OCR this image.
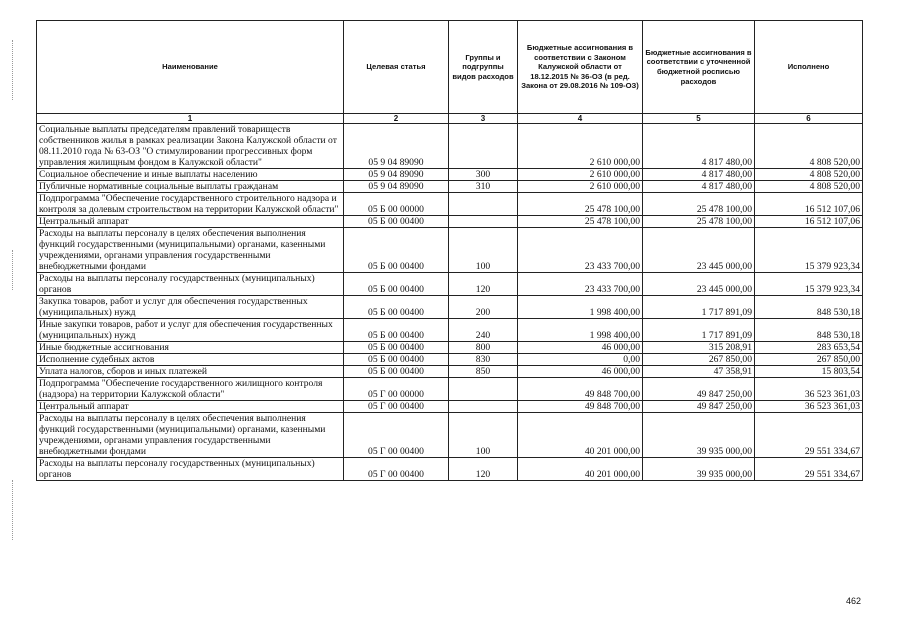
Наименование	Целевая статья	Группы и подгруппы видов расходов	Бюджетные ассигнования в соответствии с Законом Калужской области от 18.12.2015 № 36-ОЗ (в ред. Закона от 29.08.2016 № 109-ОЗ)	Бюджетные ассигнования в соответствии с уточненной бюджетной росписью расходов	Исполнено
1	2	3	4	5	6
Социальные выплаты председателям правлений товариществ собственников жилья в рамках реализации Закона Калужской области от 08.11.2010 года № 63-ОЗ "О стимулировании прогрессивных форм управления жилищным фондом в Калужской области"	05 9 04 89090		2 610 000,00	4 817 480,00	4 808 520,00
Социальное обеспечение и иные выплаты населению	05 9 04 89090	300	2 610 000,00	4 817 480,00	4 808 520,00
Публичные нормативные социальные выплаты гражданам	05 9 04 89090	310	2 610 000,00	4 817 480,00	4 808 520,00
Подпрограмма "Обеспечение государственного строительного надзора и контроля за долевым строительством на территории Калужской области"	05 Б 00 00000		25 478 100,00	25 478 100,00	16 512 107,06
Центральный аппарат	05 Б 00 00400		25 478 100,00	25 478 100,00	16 512 107,06
Расходы на выплаты персоналу в целях обеспечения выполнения функций государственными (муниципальными) органами, казенными учреждениями, органами управления государственными внебюджетными фондами	05 Б 00 00400	100	23 433 700,00	23 445 000,00	15 379 923,34
Расходы на выплаты персоналу государственных (муниципальных) органов	05 Б 00 00400	120	23 433 700,00	23 445 000,00	15 379 923,34
Закупка товаров, работ и услуг для обеспечения государственных (муниципальных) нужд	05 Б 00 00400	200	1 998 400,00	1 717 891,09	848 530,18
Иные закупки товаров, работ и услуг для обеспечения государственных (муниципальных) нужд	05 Б 00 00400	240	1 998 400,00	1 717 891,09	848 530,18
Иные бюджетные ассигнования	05 Б 00 00400	800	46 000,00	315 208,91	283 653,54
Исполнение судебных актов	05 Б 00 00400	830	0,00	267 850,00	267 850,00
Уплата налогов, сборов и иных платежей	05 Б 00 00400	850	46 000,00	47 358,91	15 803,54
Подпрограмма "Обеспечение государственного жилищного контроля (надзора) на территории Калужской области"	05 Г 00 00000		49 848 700,00	49 847 250,00	36 523 361,03
Центральный аппарат	05 Г 00 00400		49 848 700,00	49 847 250,00	36 523 361,03
Расходы на выплаты персоналу в целях обеспечения выполнения функций государственными (муниципальными) органами, казенными учреждениями, органами управления государственными внебюджетными фондами	05 Г 00 00400	100	40 201 000,00	39 935 000,00	29 551 334,67
Расходы на выплаты персоналу государственных (муниципальных) органов	05 Г 00 00400	120	40 201 000,00	39 935 000,00	29 551 334,67
462
